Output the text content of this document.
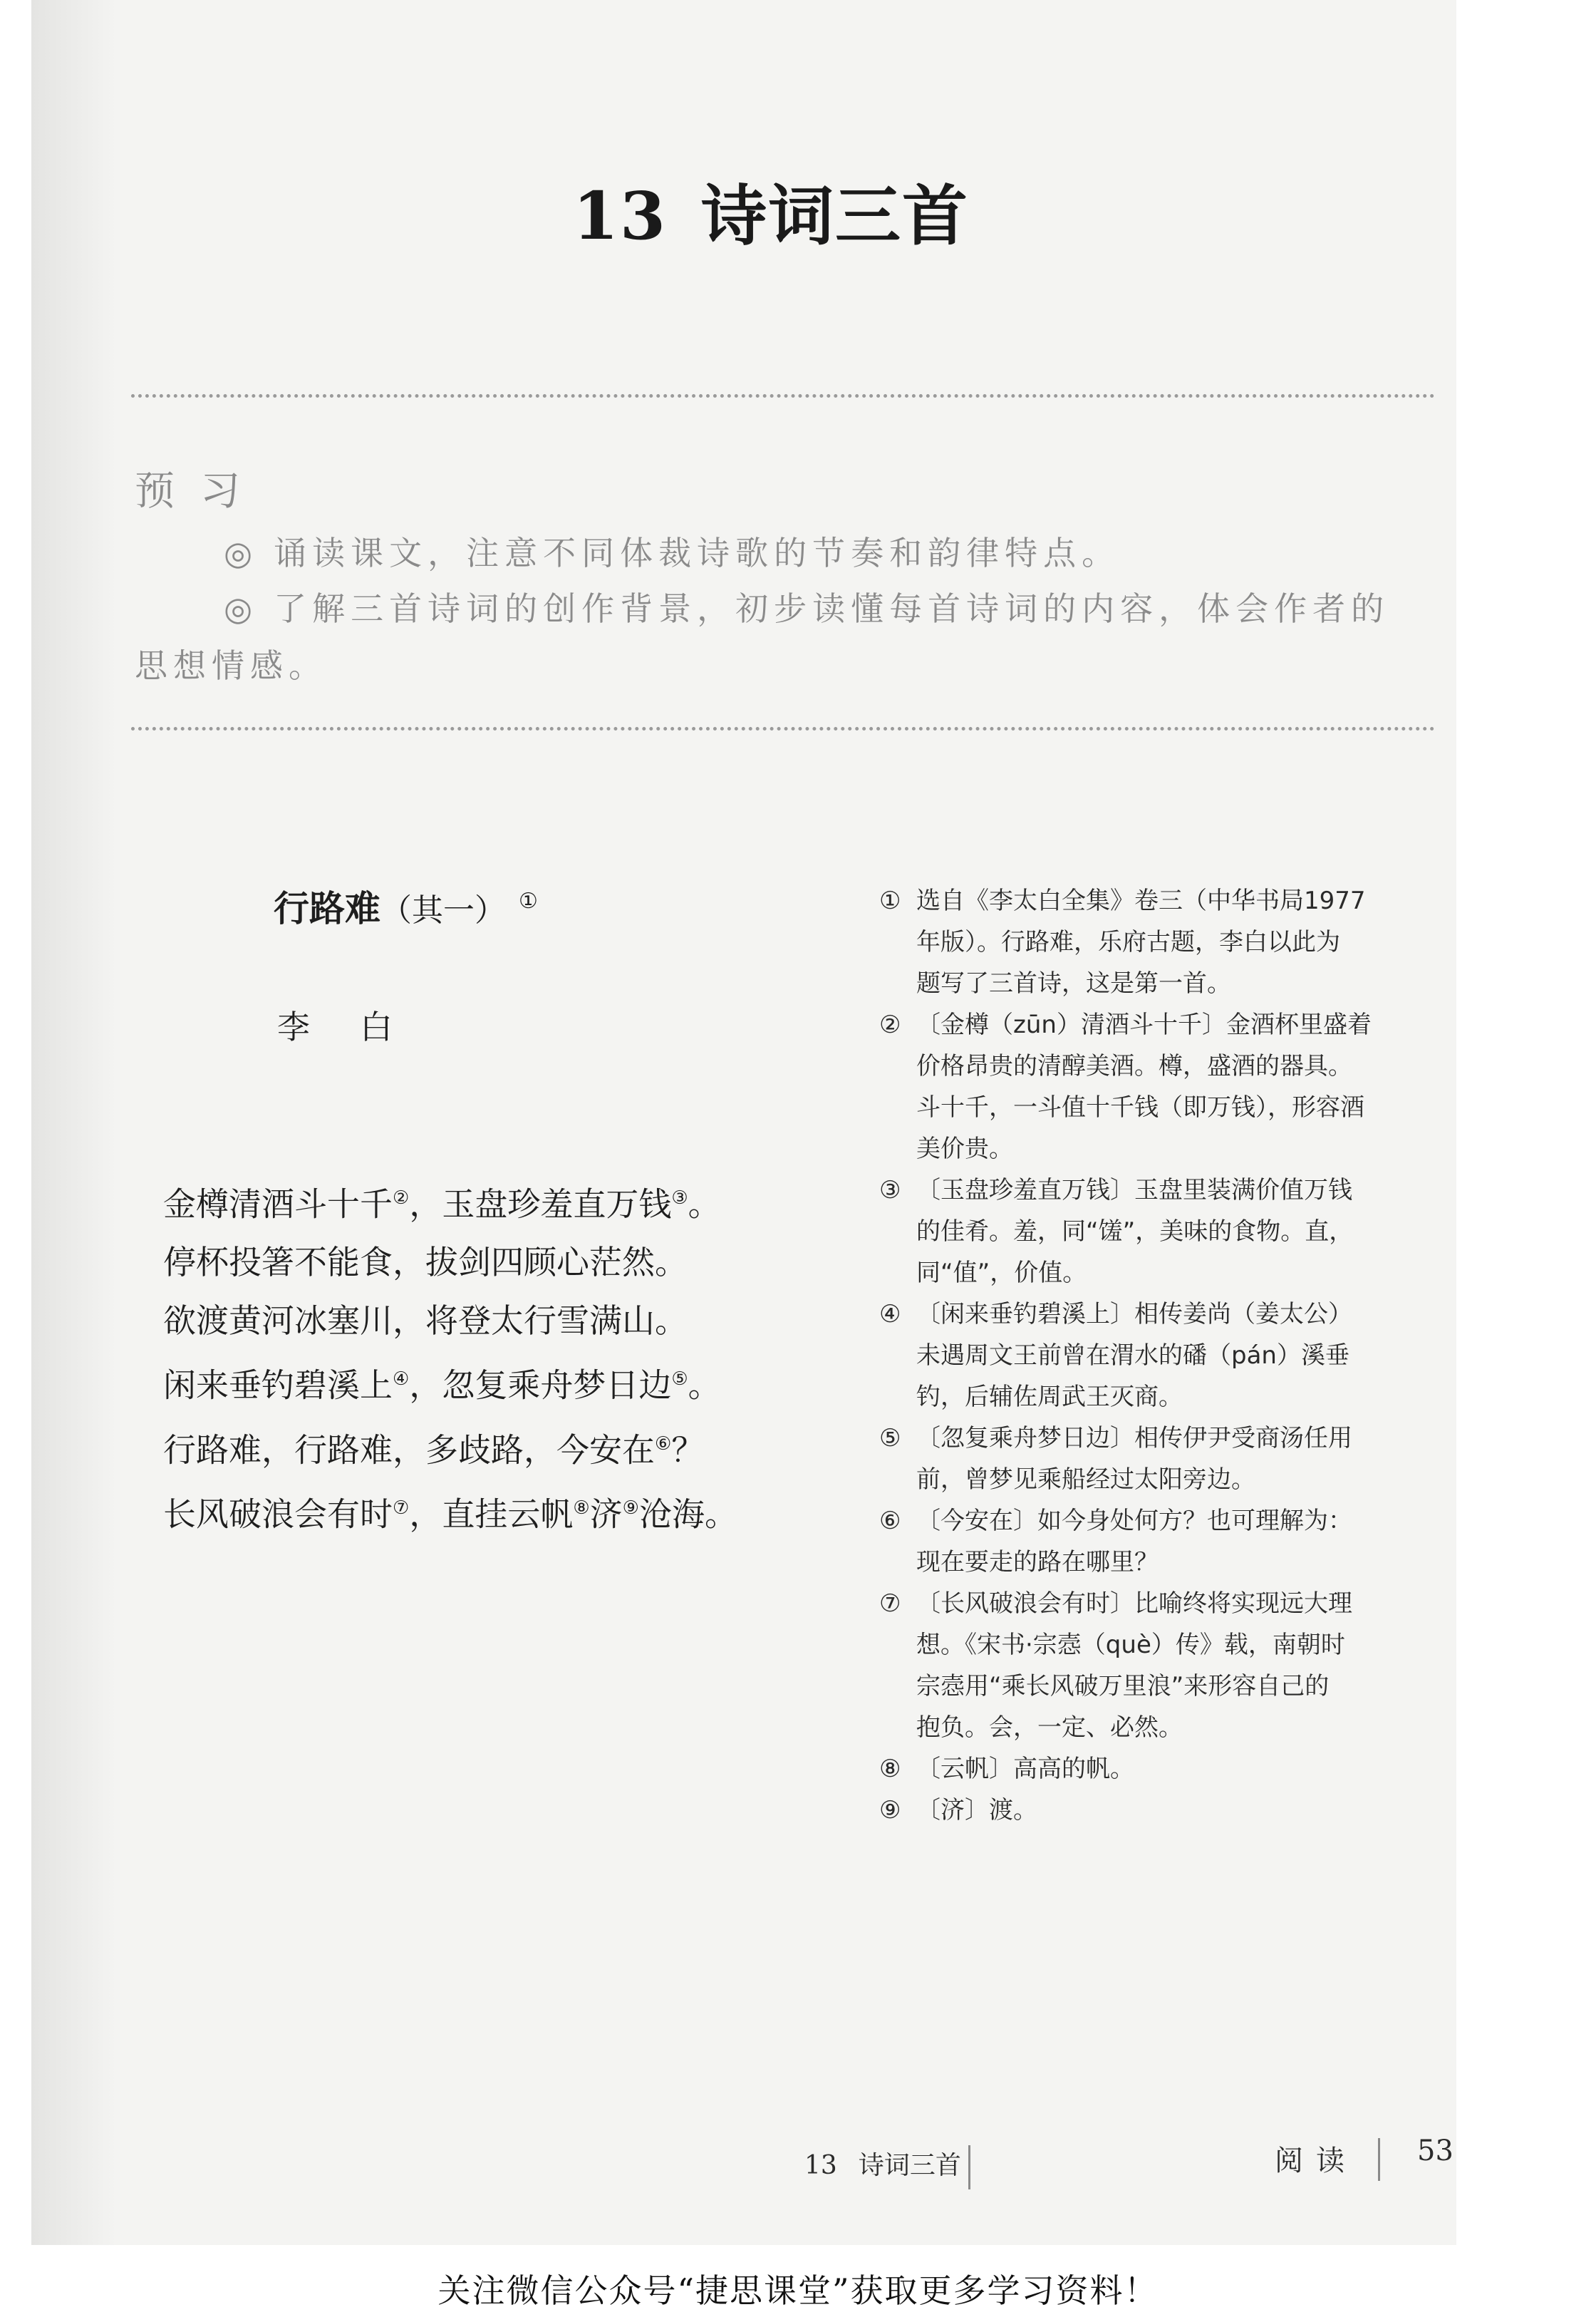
13 诗词三首
预习
◎ 诵读课文，注意不同体裁诗歌的节奏和韵律特点。
◎ 了解三首诗词的创作背景，初步读懂每首诗词的内容，体会作者的
思想情感。
行路难（其一） ①
李白
金樽清酒斗十千②，玉盘珍羞直万钱③。
停杯投箸不能食，拔剑四顾心茫然。
欲渡黄河冰塞川，将登太行雪满山。
闲来垂钓碧溪上④，忽复乘舟梦日边⑤。
行路难，行路难，多歧路，今安在⑥？
长风破浪会有时⑦，直挂云帆⑧济⑨沧海。
① 选自《李太白全集》卷三（中华书局1977
年版）。行路难，乐府古题，李白以此为
题写了三首诗，这是第一首。
② 〔金樽（zūn）清酒斗十千〕金酒杯里盛着
价格昂贵的清醇美酒。樽，盛酒的器具。
斗十千，一斗值十千钱（即万钱），形容酒
美价贵。
③ 〔玉盘珍羞直万钱〕玉盘里装满价值万钱
的佳肴。羞，同“馐”，美味的食物。直，
同“值”，价值。
④ 〔闲来垂钓碧溪上〕相传姜尚（姜太公）
未遇周文王前曾在渭水的磻（pán）溪垂
钓，后辅佐周武王灭商。
⑤ 〔忽复乘舟梦日边〕相传伊尹受商汤任用
前，曾梦见乘船经过太阳旁边。
⑥ 〔今安在〕如今身处何方？也可理解为：
现在要走的路在哪里？
⑦ 〔长风破浪会有时〕比喻终将实现远大理
想。《宋书·宗悫（què）传》载，南朝时
宗悫用“乘长风破万里浪”来形容自己的
抱负。会，一定、必然。
⑧ 〔云帆〕高高的帆。
⑨ 〔济〕渡。
13 诗词三首	阅读 53
关注微信公众号“捷思课堂”获取更多学习资料！
